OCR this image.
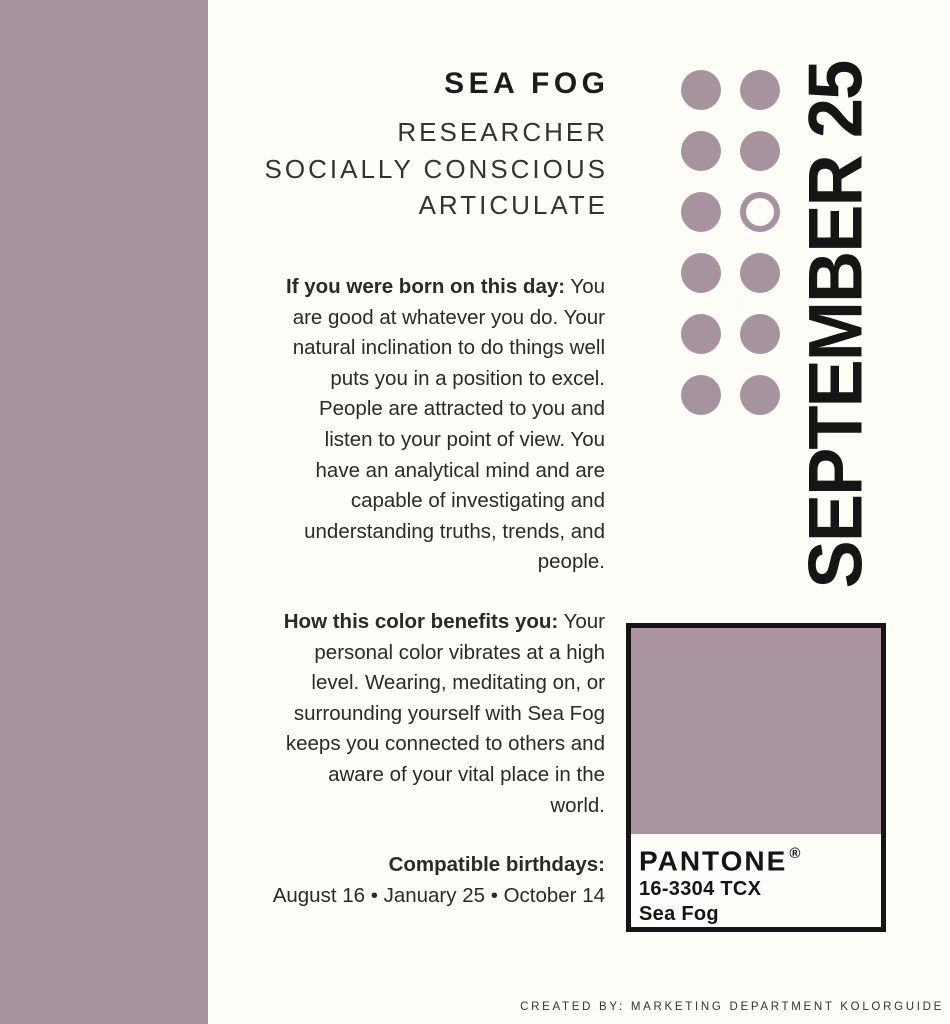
SEA FOG
RESEARCHER
SOCIALLY CONSCIOUS
ARTICULATE
If you were born on this day: You
are good at whatever you do. Your
natural inclination to do things well
puts you in a position to excel.
People are attracted to you and
listen to your point of view. You
have an analytical mind and are
capable of investigating and
understanding truths, trends, and
people.
How this color benefits you: Your
personal color vibrates at a high
level. Wearing, meditating on, or
surrounding yourself with Sea Fog
keeps you connected to others and
aware of your vital place in the
world.
Compatible birthdays:
August 16 • January 25 • October 14
SEPTEMBER 25
PANTONE ®
16-3304 TCX
Sea Fog
CREATED BY: MARKETING DEPARTMENT KOLORGUIDE
